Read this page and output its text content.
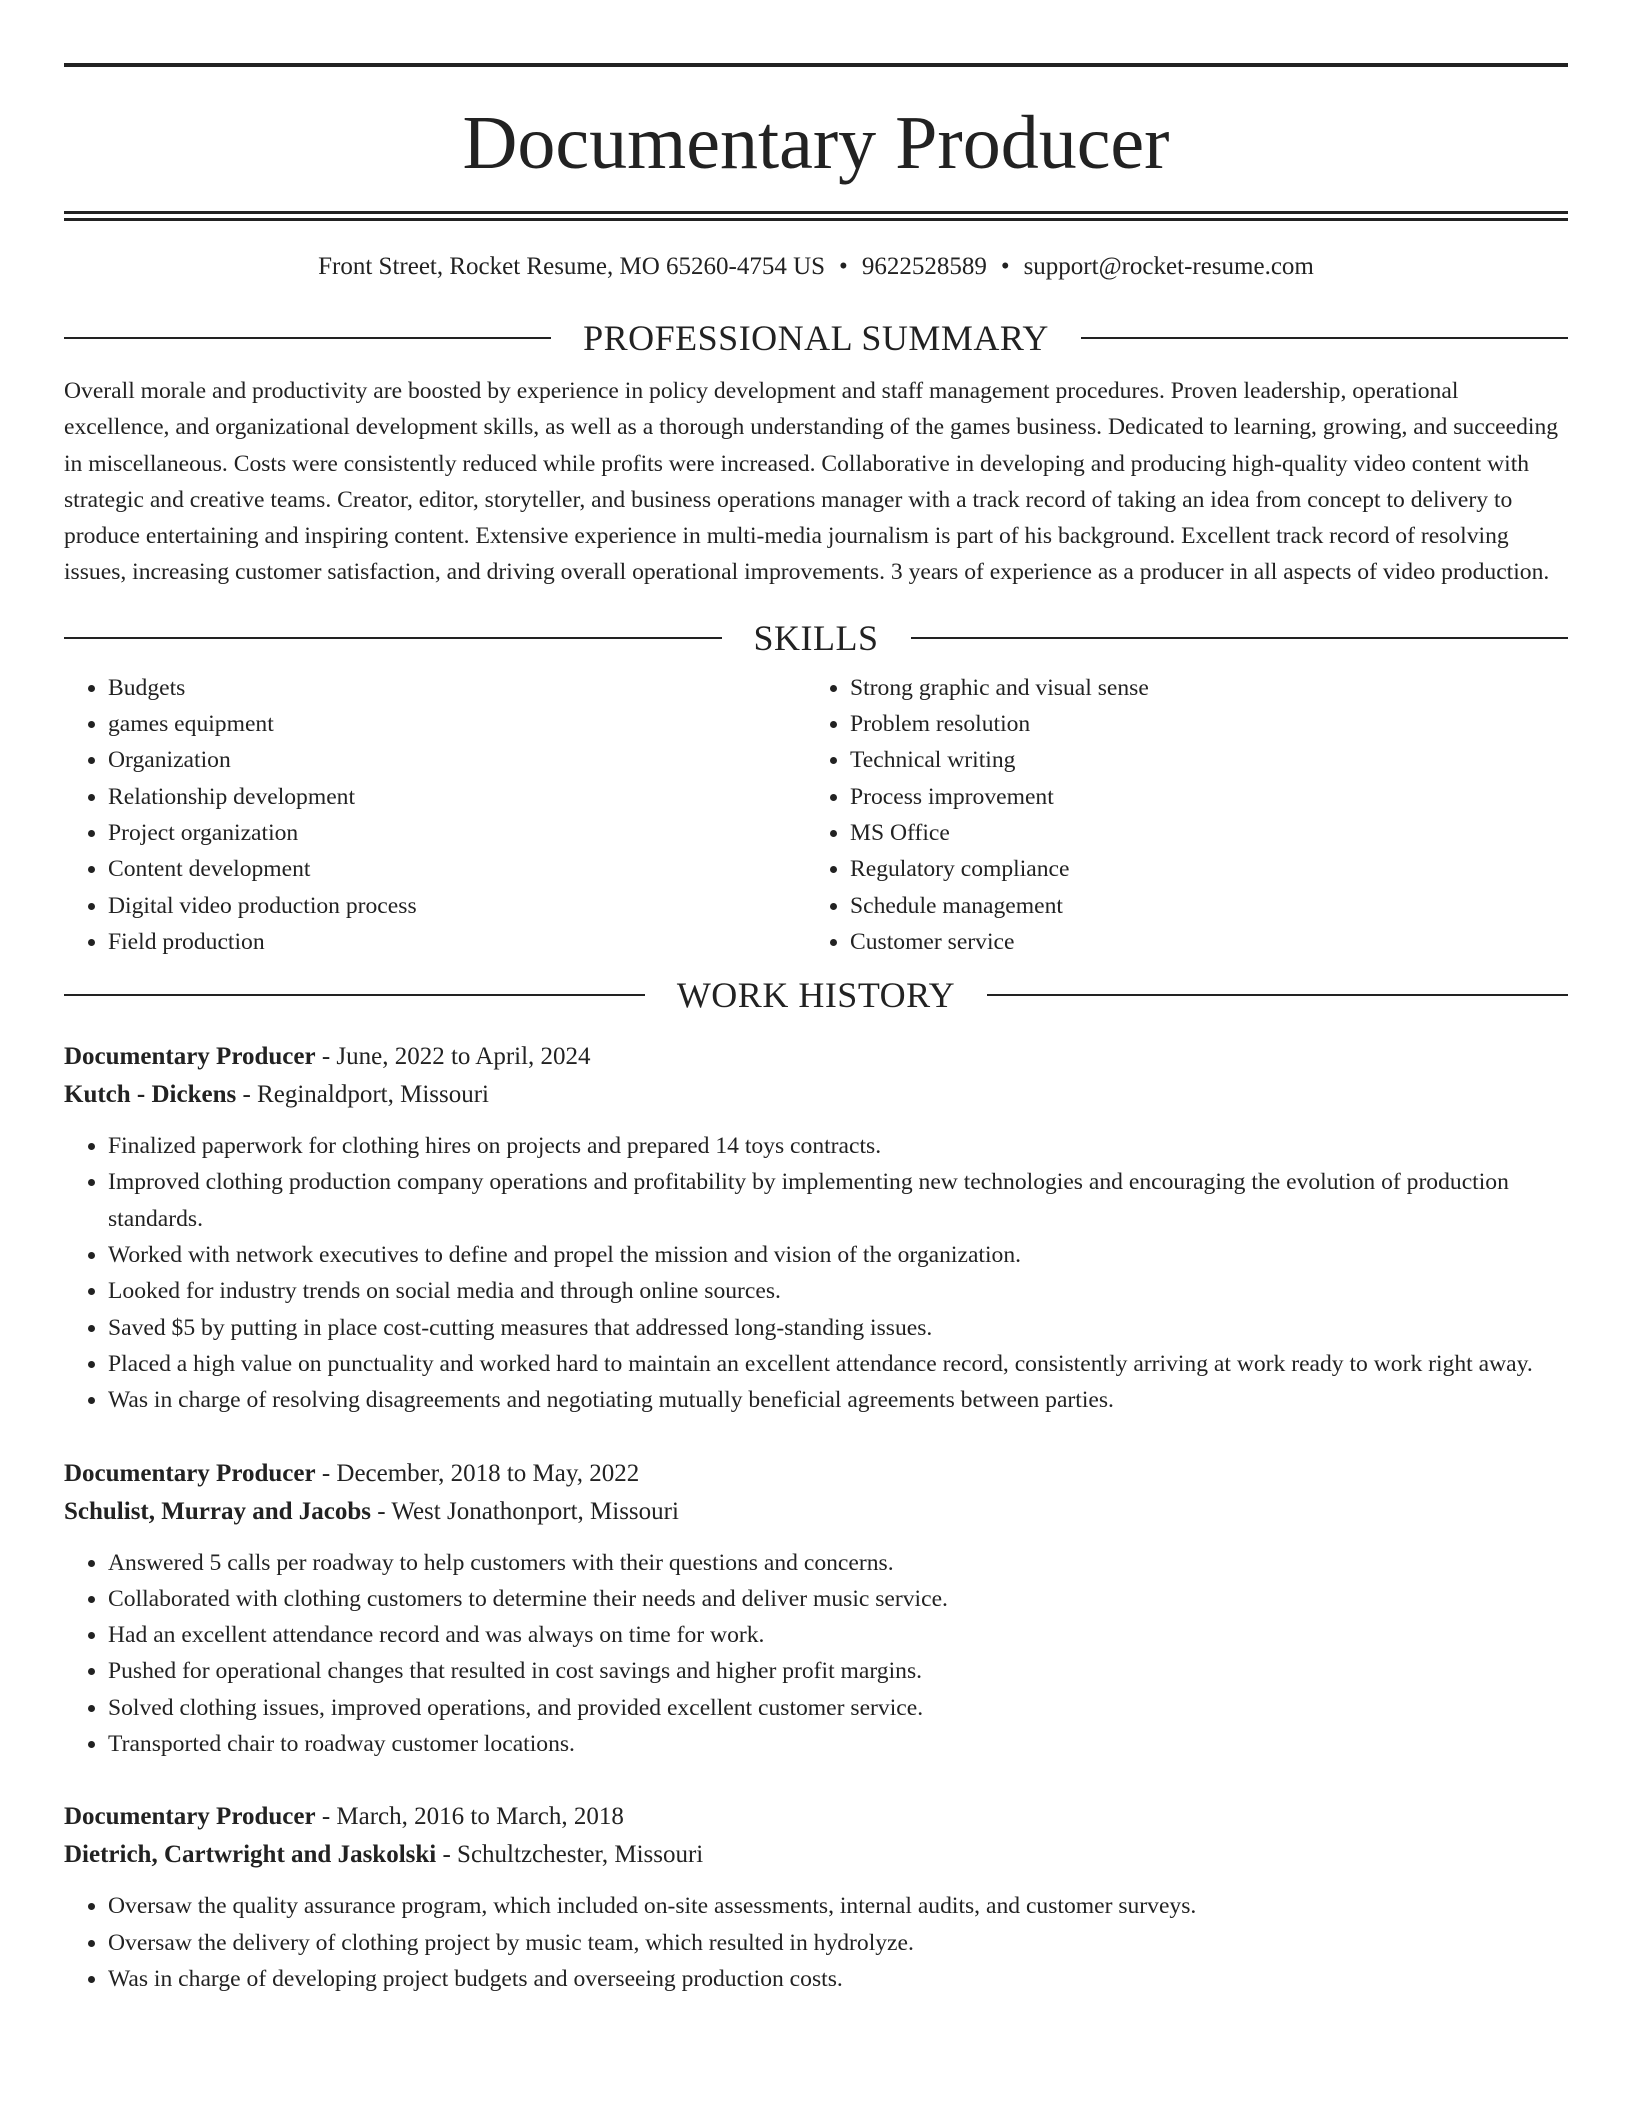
Documentary Producer
Front Street, Rocket Resume, MO 65260-4754 US • 9622528589 • support@rocket-resume.com
PROFESSIONAL SUMMARY
Overall morale and productivity are boosted by experience in policy development and staff management procedures. Proven leadership, operational excellence, and organizational development skills, as well as a thorough understanding of the games business. Dedicated to learning, growing, and succeeding in miscellaneous. Costs were consistently reduced while profits were increased. Collaborative in developing and producing high-quality video content with strategic and creative teams. Creator, editor, storyteller, and business operations manager with a track record of taking an idea from concept to delivery to produce entertaining and inspiring content. Extensive experience in multi-media journalism is part of his background. Excellent track record of resolving issues, increasing customer satisfaction, and driving overall operational improvements. 3 years of experience as a producer in all aspects of video production.
SKILLS
• Budgets
• games equipment
• Organization
• Relationship development
• Project organization
• Content development
• Digital video production process
• Field production
• Strong graphic and visual sense
• Problem resolution
• Technical writing
• Process improvement
• MS Office
• Regulatory compliance
• Schedule management
• Customer service
WORK HISTORY
Documentary Producer - June, 2022 to April, 2024
Kutch - Dickens - Reginaldport, Missouri
• Finalized paperwork for clothing hires on projects and prepared 14 toys contracts.
• Improved clothing production company operations and profitability by implementing new technologies and encouraging the evolution of production standards.
• Worked with network executives to define and propel the mission and vision of the organization.
• Looked for industry trends on social media and through online sources.
• Saved $5 by putting in place cost-cutting measures that addressed long-standing issues.
• Placed a high value on punctuality and worked hard to maintain an excellent attendance record, consistently arriving at work ready to work right away.
• Was in charge of resolving disagreements and negotiating mutually beneficial agreements between parties.
Documentary Producer - December, 2018 to May, 2022
Schulist, Murray and Jacobs - West Jonathonport, Missouri
• Answered 5 calls per roadway to help customers with their questions and concerns.
• Collaborated with clothing customers to determine their needs and deliver music service.
• Had an excellent attendance record and was always on time for work.
• Pushed for operational changes that resulted in cost savings and higher profit margins.
• Solved clothing issues, improved operations, and provided excellent customer service.
• Transported chair to roadway customer locations.
Documentary Producer - March, 2016 to March, 2018
Dietrich, Cartwright and Jaskolski - Schultzchester, Missouri
• Oversaw the quality assurance program, which included on-site assessments, internal audits, and customer surveys.
• Oversaw the delivery of clothing project by music team, which resulted in hydrolyze.
• Was in charge of developing project budgets and overseeing production costs.
